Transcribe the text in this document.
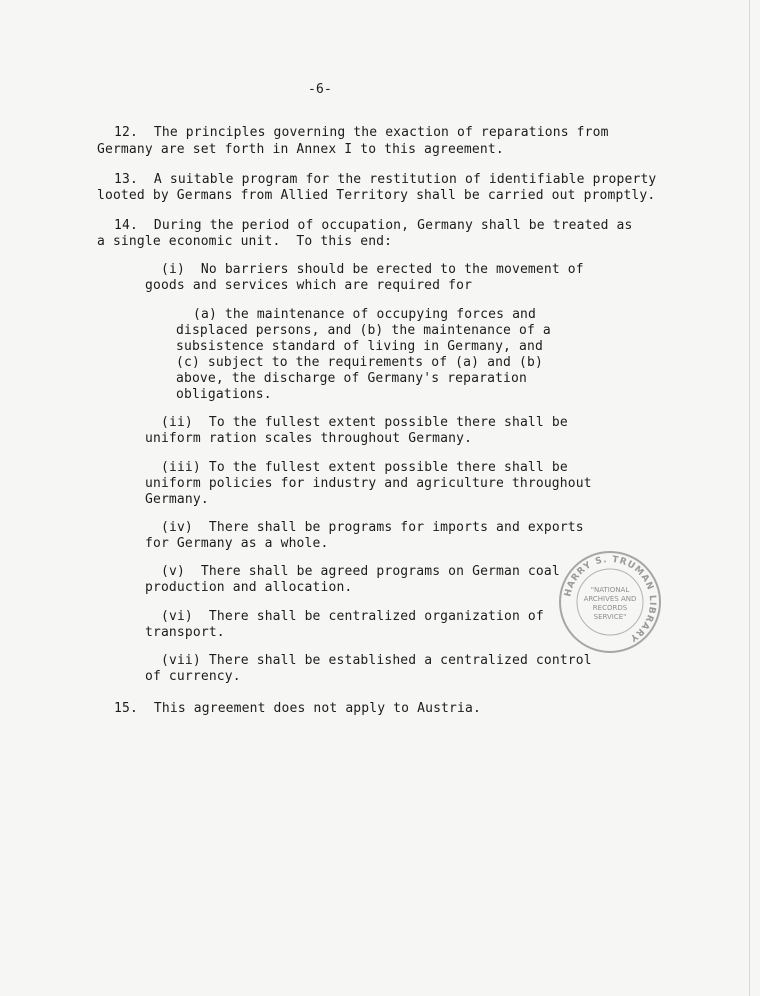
-6-
12.  The principles governing the exaction of reparations from
Germany are set forth in Annex I to this agreement.
13.  A suitable program for the restitution of identifiable property
looted by Germans from Allied Territory shall be carried out promptly.
14.  During the period of occupation, Germany shall be treated as
a single economic unit.  To this end:
(i)  No barriers should be erected to the movement of
goods and services which are required for
(a) the maintenance of occupying forces and
displaced persons, and (b) the maintenance of a
subsistence standard of living in Germany, and
(c) subject to the requirements of (a) and (b)
above, the discharge of Germany's reparation
obligations.
(ii)  To the fullest extent possible there shall be
uniform ration scales throughout Germany.
(iii) To the fullest extent possible there shall be
uniform policies for industry and agriculture throughout
Germany.
(iv)  There shall be programs for imports and exports
for Germany as a whole.
(v)  There shall be agreed programs on German coal
production and allocation.
(vi)  There shall be centralized organization of
transport.
(vii) There shall be established a centralized control
of currency.
15.  This agreement does not apply to Austria.
HARRY S. TRUMAN LIBRARY
"NATIONAL
ARCHIVES AND
RECORDS
SERVICE"
